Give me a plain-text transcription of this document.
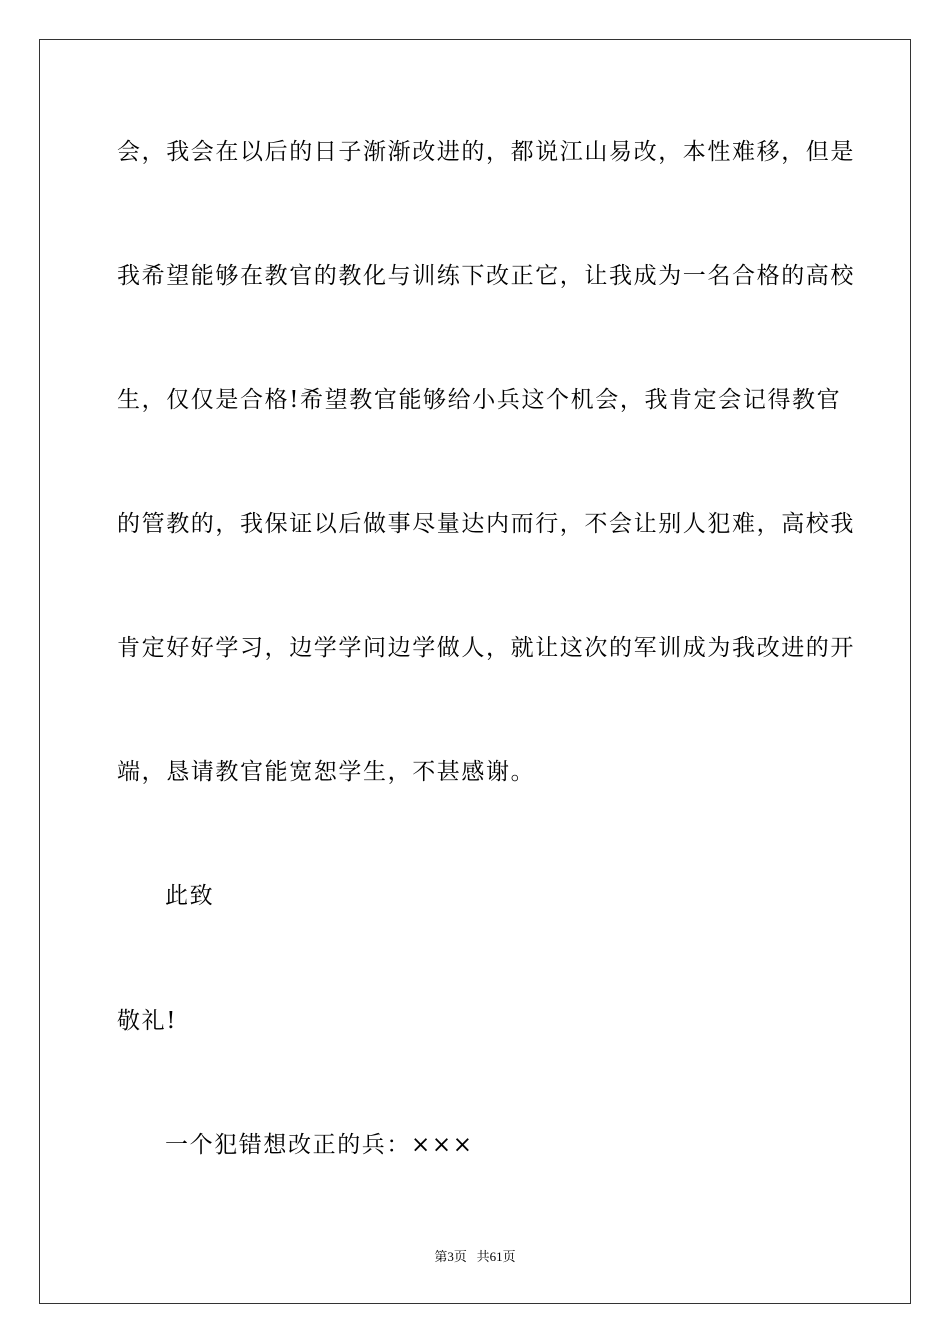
会，我会在以后的日子渐渐改进的，都说江山易改，本性难移，但是
我希望能够在教官的教化与训练下改正它，让我成为一名合格的高校
生，仅仅是合格!希望教官能够给小兵这个机会，我肯定会记得教官
的管教的，我保证以后做事尽量达内而行，不会让别人犯难，高校我
肯定好好学习，边学学问边学做人，就让这次的军训成为我改进的开
端，恳请教官能宽恕学生，不甚感谢。
此致
敬礼!
一个犯错想改正的兵：×××
第3页 共61页
